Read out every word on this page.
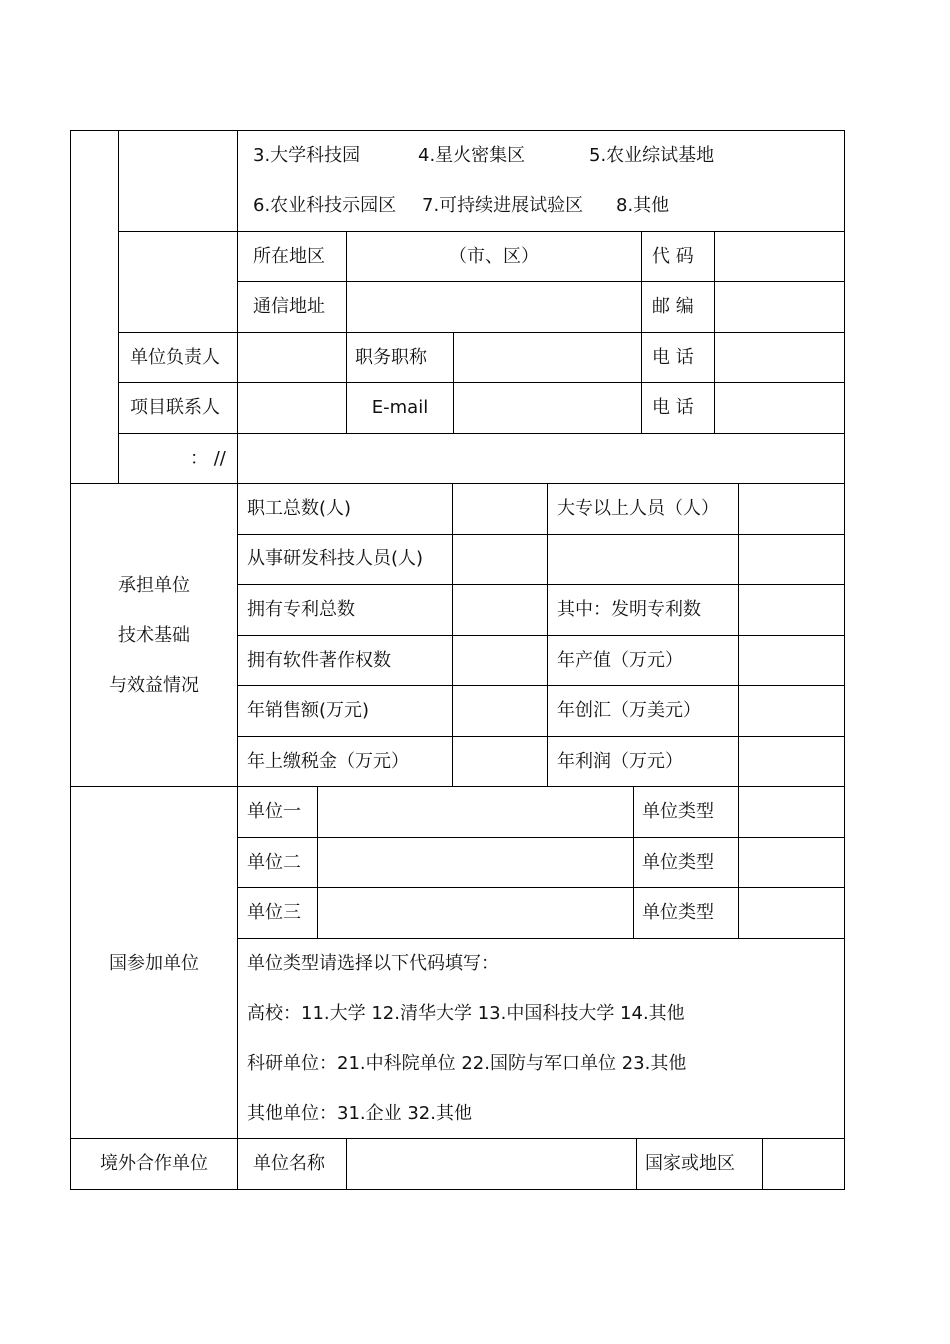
3.大学科技园	4.星火密集区	5.农业综试基地
6.农业科技示园区 7.可持续进展试验区 8.其他
所在地区	（市、区）	代 码
通信地址	邮 编
单位负责人	职务职称	电 话
项目联系人	E-mail	电 话
： //
承担单位
技术基础
与效益情况
职工总数(人)	大专以上人员（人）
从事研发科技人员(人)
拥有专利总数	其中：发明专利数
拥有软件著作权数	年产值（万元）
年销售额(万元)	年创汇（万美元）
年上缴税金（万元）	年利润（万元）
国参加单位
单位一	单位类型
单位二	单位类型
单位三	单位类型
单位类型请选择以下代码填写：
高校：11.大学 12.清华大学 13.中国科技大学 14.其他
科研单位：21.中科院单位 22.国防与军口单位 23.其他
其他单位：31.企业 32.其他
境外合作单位	单位名称	国家或地区
